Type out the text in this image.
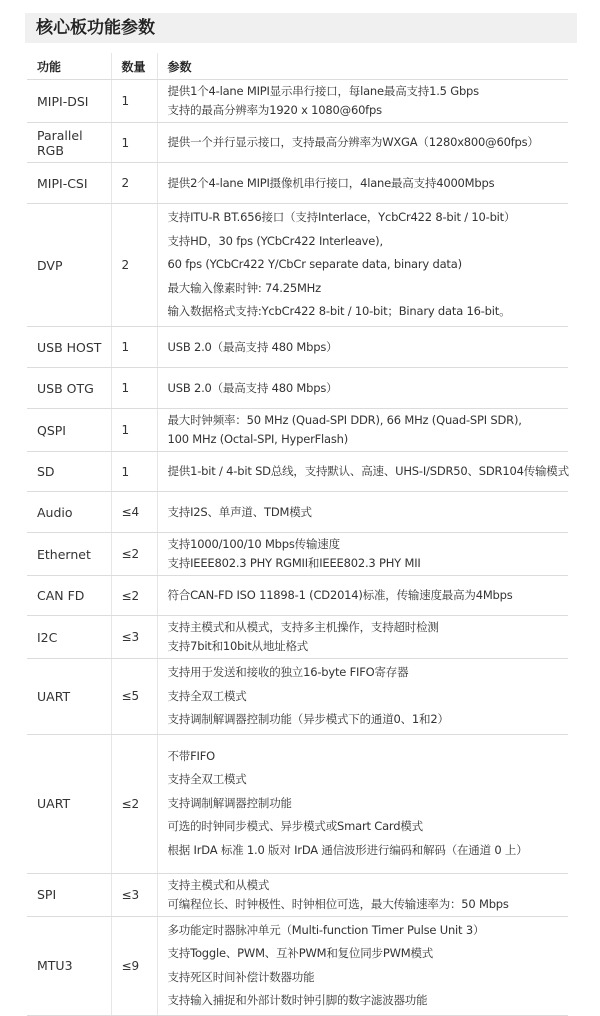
核心板功能参数
功能	数量	参数
MIPI-DSI	1	提供1个4-lane MIPI显示串行接口，每lane最高支持1.5 Gbps
支持的最高分辨率为1920 x 1080@60fps

Parallel RGB	1	提供一个并行显示接口，支持最高分辨率为WXGA（1280x800@60fps）

MIPI-CSI	2	提供2个4-lane MIPI摄像机串行接口，4lane最高支持4000Mbps

DVP	2	支持ITU-R BT.656接口（支持Interlace，YcbCr422 8-bit / 10-bit）
支持HD，30 fps (YCbCr422 Interleave),
60 fps (YCbCr422 Y/CbCr separate data, binary data)
最大输入像素时钟: 74.25MHz
输入数据格式支持:YcbCr422 8-bit / 10-bit；Binary data 16-bit。

USB HOST	1	USB 2.0（最高支持 480 Mbps）

USB OTG	1	USB 2.0（最高支持 480 Mbps）

QSPI	1	最大时钟频率：50 MHz (Quad-SPI DDR), 66 MHz (Quad-SPI SDR),
100 MHz (Octal-SPI, HyperFlash)

SD	1	提供1-bit / 4-bit SD总线，支持默认、高速、UHS-I/SDR50、SDR104传输模式

Audio	≤4	支持I2S、单声道、TDM模式

Ethernet	≤2	支持1000/100/10 Mbps传输速度
支持IEEE802.3 PHY RGMII和IEEE802.3 PHY MII

CAN FD	≤2	符合CAN-FD ISO 11898-1 (CD2014)标准，传输速度最高为4Mbps

I2C	≤3	支持主模式和从模式，支持多主机操作，支持超时检测
支持7bit和10bit从地址格式

UART	≤5	支持用于发送和接收的独立16-byte FIFO寄存器
支持全双工模式
支持调制解调器控制功能（异步模式下的通道0、1和2）

UART	≤2	不带FIFO
支持全双工模式
支持调制解调器控制功能
可选的时钟同步模式、异步模式或Smart Card模式
根据 IrDA 标准 1.0 版对 IrDA 通信波形进行编码和解码（在通道 0 上）

SPI	≤3	支持主模式和从模式
可编程位长、时钟极性、时钟相位可选，最大传输速率为：50 Mbps

MTU3	≤9	多功能定时器脉冲单元（Multi-function Timer Pulse Unit 3）
支持Toggle、PWM、互补PWM和复位同步PWM模式
支持死区时间补偿计数器功能
支持输入捕捉和外部计数时钟引脚的数字滤波器功能
